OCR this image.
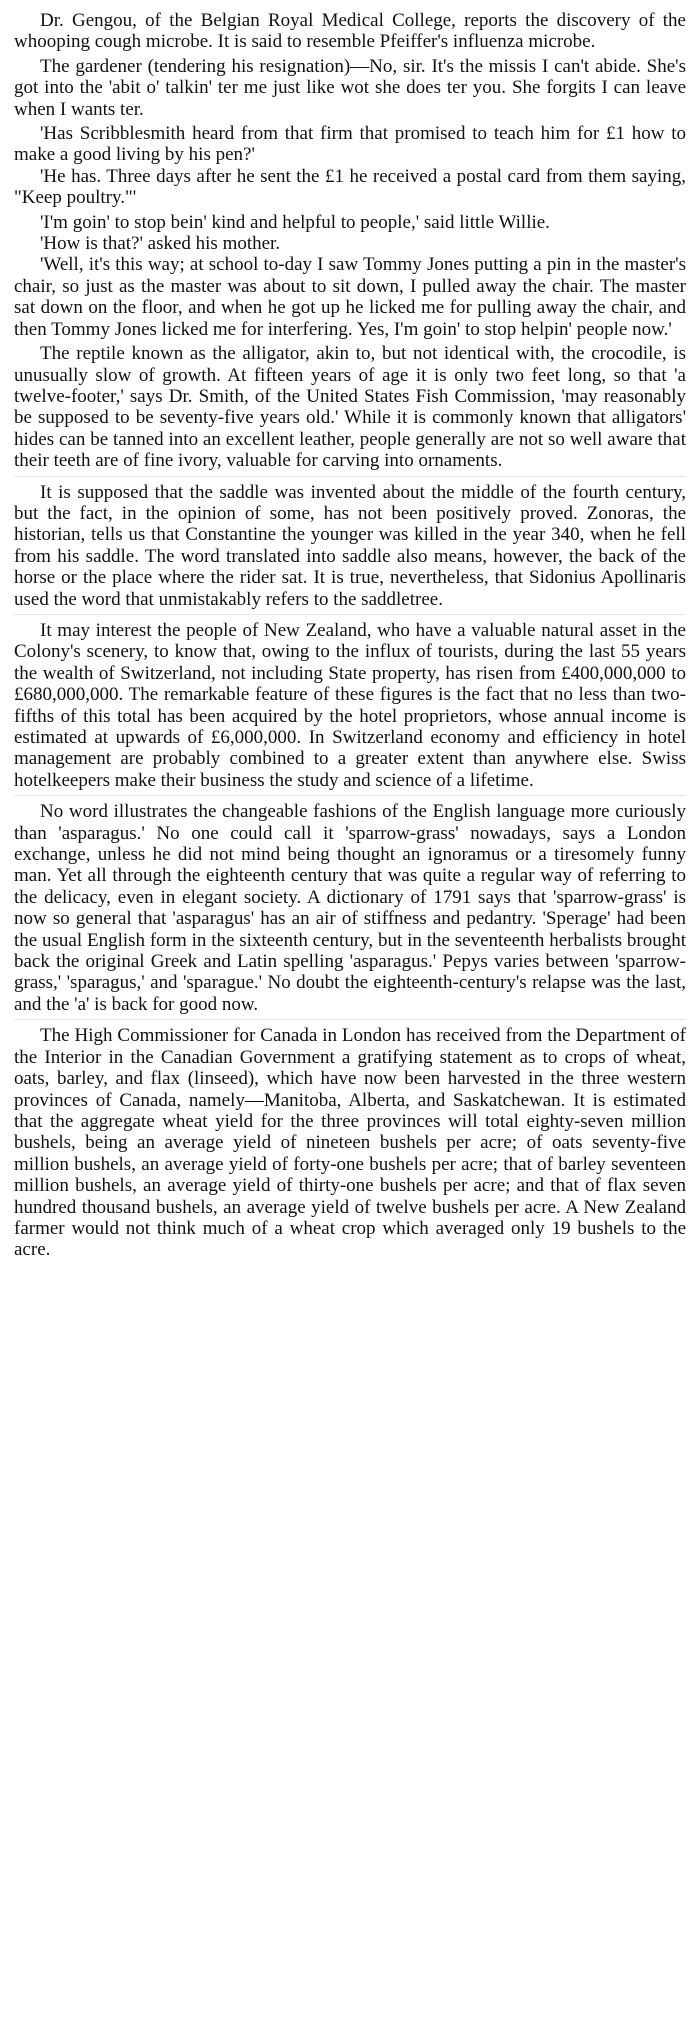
Dr. Gengou, of the Belgian Royal Medical College, reports the discovery of the whooping cough microbe. It is said to resemble Pfeiffer's influenza microbe.

The gardener (tendering his resignation)—No, sir. It's the missis I can't abide. She's got into the 'abit o' talkin' ter me just like wot she does ter you. She forgits I can leave when I wants ter.

'Has Scribblesmith heard from that firm that promised to teach him for £1 how to make a good living by his pen?'

'He has. Three days after he sent the £1 he received a postal card from them saying, "Keep poultry."'

'I'm goin' to stop bein' kind and helpful to people,' said little Willie.

'How is that?' asked his mother.

'Well, it's this way; at school to-day I saw Tommy Jones putting a pin in the master's chair, so just as the master was about to sit down, I pulled away the chair. The master sat down on the floor, and when he got up he licked me for pulling away the chair, and then Tommy Jones licked me for interfering. Yes, I'm goin' to stop helpin' people now.'

The reptile known as the alligator, akin to, but not identical with, the crocodile, is unusually slow of growth. At fifteen years of age it is only two feet long, so that 'a twelve-footer,' says Dr. Smith, of the United States Fish Commission, 'may reasonably be supposed to be seventy-five years old.' While it is commonly known that alligators' hides can be tanned into an excellent leather, people generally are not so well aware that their teeth are of fine ivory, valuable for carving into ornaments.

It is supposed that the saddle was invented about the middle of the fourth century, but the fact, in the opinion of some, has not been positively proved. Zonoras, the historian, tells us that Constantine the younger was killed in the year 340, when he fell from his saddle. The word translated into saddle also means, however, the back of the horse or the place where the rider sat. It is true, nevertheless, that Sidonius Apollinaris used the word that unmistakably refers to the saddletree.

It may interest the people of New Zealand, who have a valuable natural asset in the Colony's scenery, to know that, owing to the influx of tourists, during the last 55 years the wealth of Switzerland, not including State property, has risen from £400,000,000 to £680,000,000. The remarkable feature of these figures is the fact that no less than two-fifths of this total has been acquired by the hotel proprietors, whose annual income is estimated at upwards of £6,000,000. In Switzerland economy and efficiency in hotel management are probably combined to a greater extent than anywhere else. Swiss hotelkeepers make their business the study and science of a lifetime.

No word illustrates the changeable fashions of the English language more curiously than 'asparagus.' No one could call it 'sparrow-grass' nowadays, says a London exchange, unless he did not mind being thought an ignoramus or a tiresomely funny man. Yet all through the eighteenth century that was quite a regular way of referring to the delicacy, even in elegant society. A dictionary of 1791 says that 'sparrow-grass' is now so general that 'asparagus' has an air of stiffness and pedantry. 'Sperage' had been the usual English form in the sixteenth century, but in the seventeenth herbalists brought back the original Greek and Latin spelling 'asparagus.' Pepys varies between 'sparrow-grass,' 'sparagus,' and 'sparague.' No doubt the eighteenth-century's relapse was the last, and the 'a' is back for good now.

The High Commissioner for Canada in London has received from the Department of the Interior in the Canadian Government a gratifying statement as to crops of wheat, oats, barley, and flax (linseed), which have now been harvested in the three western provinces of Canada, namely—Manitoba, Alberta, and Saskatchewan. It is estimated that the aggregate wheat yield for the three provinces will total eighty-seven million bushels, being an average yield of nineteen bushels per acre; of oats seventy-five million bushels, an average yield of forty-one bushels per acre; that of barley seventeen million bushels, an average yield of thirty-one bushels per acre; and that of flax seven hundred thousand bushels, an average yield of twelve bushels per acre. A New Zealand farmer would not think much of a wheat crop which averaged only 19 bushels to the acre.
